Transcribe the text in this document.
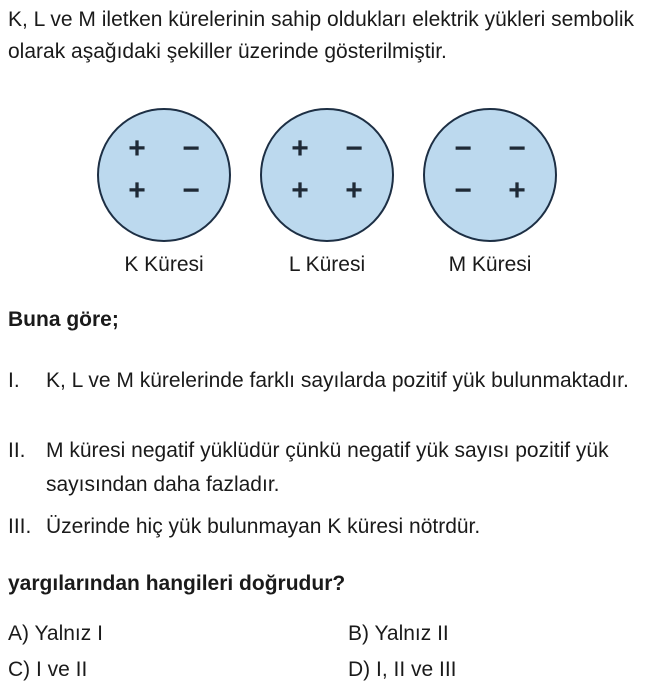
K, L ve M iletken kürelerinin sahip oldukları elektrik yükleri sembolik olarak aşağıdaki şekiller üzerinde gösterilmiştir.

+	−
+	−
K Küresi
+	−
+	+
L Küresi
−	−
−	+
M Küresi

Buna göre;

I.	K, L ve M kürelerinde farklı sayılarda pozitif yük bulunmaktadır.
II. M küresi negatif yüklüdür çünkü negatif yük sayısı pozitif yük sayısından daha fazladır.
III. Üzerinde hiç yük bulunmayan K küresi nötrdür.

yargılarından hangileri doğrudur?

A) Yalnız I	B) Yalnız II
C) I ve II	D) I, II ve III
